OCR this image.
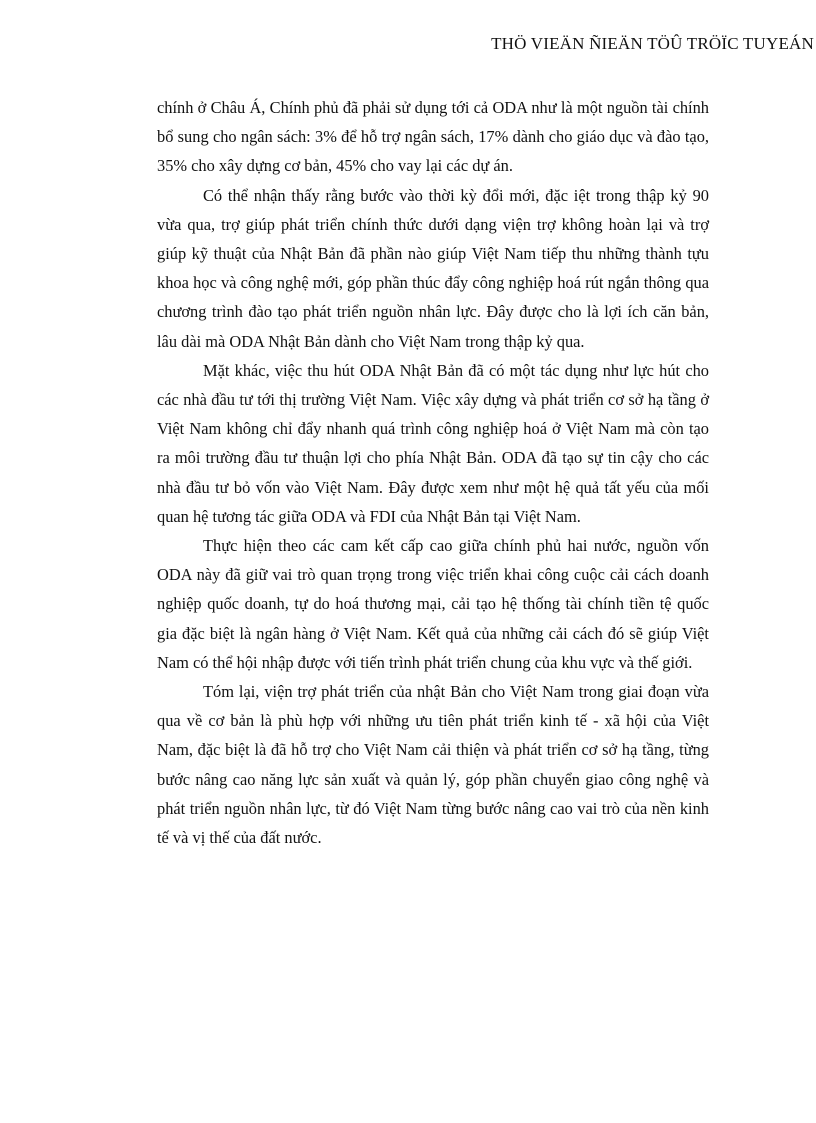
THÖ VIEÄN ÑIEÄN TÖÛ TRÖÏC TUYEÁN

chính ở Châu Á, Chính phủ đã phải sử dụng tới cả ODA như là một nguồn tài chính bổ sung cho ngân sách: 3% để hỗ trợ ngân sách, 17% dành cho giáo dục và đào tạo, 35% cho xây dựng cơ bản, 45% cho vay lại các dự án.

Có thể nhận thấy rằng bước vào thời kỳ đổi mới, đặc iệt trong thập kỷ 90 vừa qua, trợ giúp phát triển chính thức dưới dạng viện trợ không hoàn lại và trợ giúp kỹ thuật của Nhật Bản đã phần nào giúp Việt Nam tiếp thu những thành tựu khoa học và công nghệ mới, góp phần thúc đẩy công nghiệp hoá rút ngắn thông qua chương trình đào tạo phát triển nguồn nhân lực. Đây được cho là lợi ích căn bản, lâu dài mà ODA Nhật Bản dành cho Việt Nam trong thập kỷ qua.

Mặt khác, việc thu hút ODA Nhật Bản đã có một tác dụng như lực hút cho các nhà đầu tư tới thị trường Việt Nam. Việc xây dựng và phát triển cơ sở hạ tầng ở Việt Nam không chỉ đẩy nhanh quá trình công nghiệp hoá ở Việt Nam mà còn tạo ra môi trường đầu tư thuận lợi cho phía Nhật Bản. ODA đã tạo sự tin cậy cho các nhà đầu tư bỏ vốn vào Việt Nam. Đây được xem như một hệ quả tất yếu của mối quan hệ tương tác giữa ODA và FDI của Nhật Bản tại Việt Nam.

Thực hiện theo các cam kết cấp cao giữa chính phủ hai nước, nguồn vốn ODA này đã giữ vai trò quan trọng trong việc triển khai công cuộc cải cách doanh nghiệp quốc doanh, tự do hoá thương mại, cải tạo hệ thống tài chính tiền tệ quốc gia đặc biệt là ngân hàng ở Việt Nam. Kết quả của những cải cách đó sẽ giúp Việt Nam có thể hội nhập được với tiến trình phát triển chung của khu vực và thế giới.

Tóm lại, viện trợ phát triển của nhật Bản cho Việt Nam trong giai đoạn vừa qua về cơ bản là phù hợp với những ưu tiên phát triển kinh tế - xã hội của Việt Nam, đặc biệt là đã hỗ trợ cho Việt Nam cải thiện và phát triển cơ sở hạ tầng, từng bước nâng cao năng lực sản xuất và quản lý, góp phần chuyển giao công nghệ và phát triển nguồn nhân lực, từ đó Việt Nam từng bước nâng cao vai trò của nền kinh tế và vị thế của đất nước.
